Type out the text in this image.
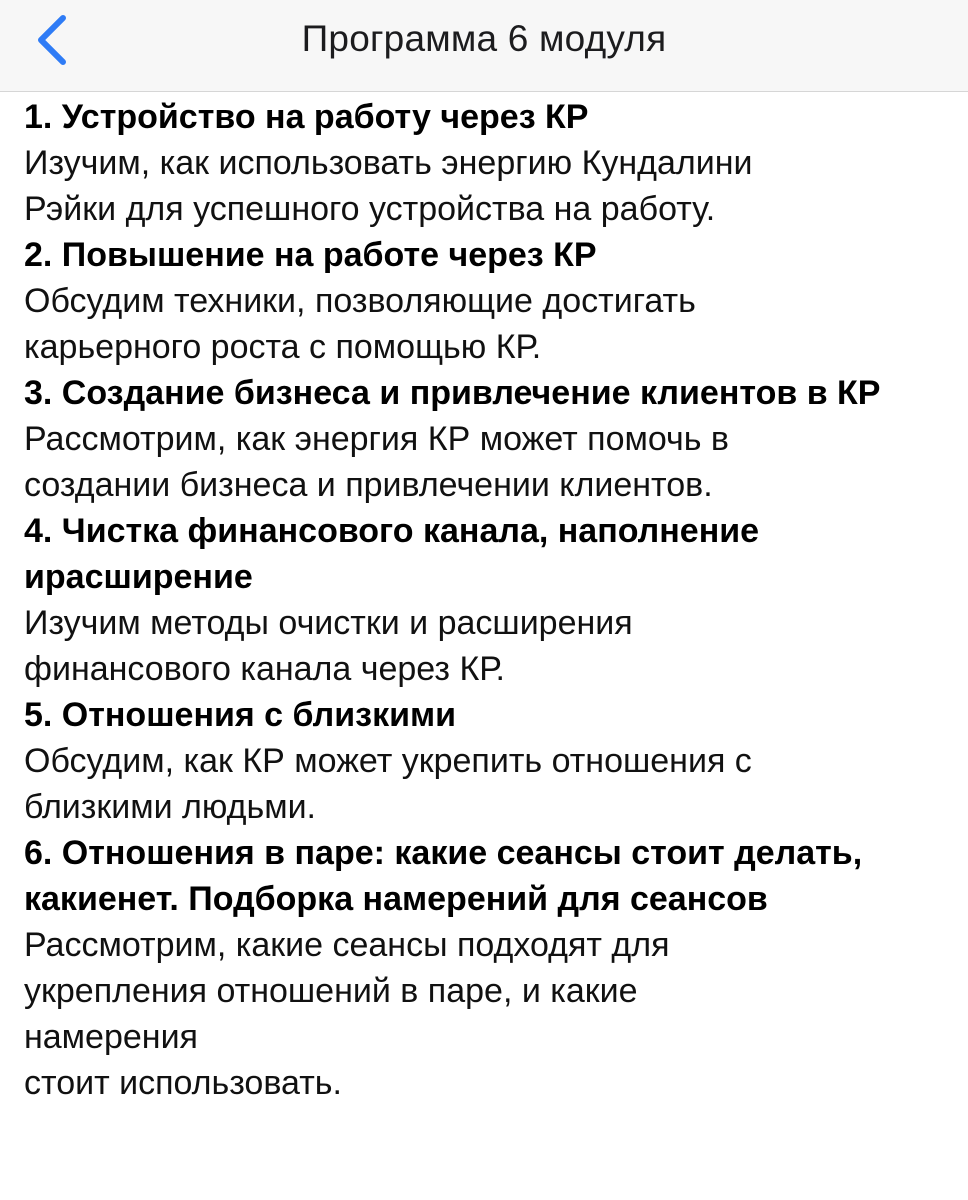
Программа 6 модуля

1. Устройство на работу через КР

Изучим, как использовать энергию Кундалини

Рэйки для успешного устройства на работу.

2. Повышение на работе через КР

Обсудим техники, позволяющие достигать

карьерного роста с помощью КР.

3. Создание бизнеса и привлечение клиентов в КР

Рассмотрим, как энергия КР может помочь в

создании бизнеса и привлечении клиентов.

4. Чистка финансового канала, наполнение ирасширение

Изучим методы очистки и расширения

финансового канала через КР.

5. Отношения с близкими

Обсудим, как КР может укрепить отношения с

близкими людьми.

6. Отношения в паре: какие сеансы стоит делать, какиенет. Подборка намерений для сеансов

Рассмотрим, какие сеансы подходят для

укрепления отношений в паре, и какие

намерения

стоит использовать.
